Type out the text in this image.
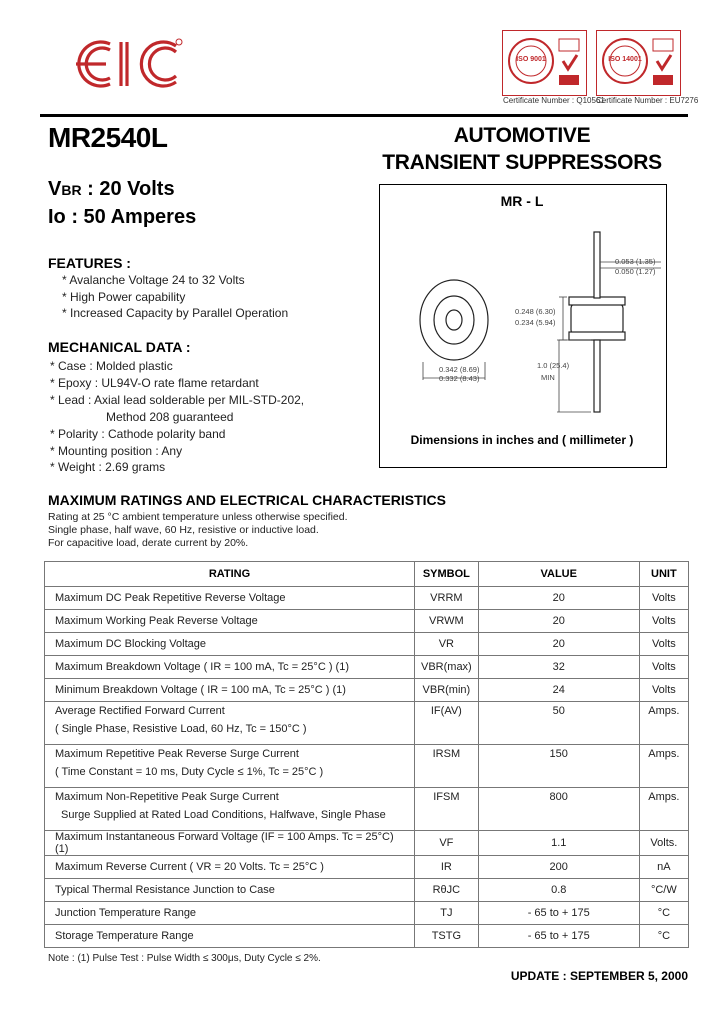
EIC
ISO 9001	ISO 14001
Certificate Number : Q10561
Certificate Number : EU7276
MR2540L	AUTOMOTIVE
TRANSIENT SUPPRESSORS
VBR : 20 Volts
Io : 50 Amperes
FEATURES :
* Avalanche Voltage 24 to 32 Volts
* High Power capability
* Increased Capacity by Parallel Operation
MECHANICAL DATA :
* Case : Molded plastic
* Epoxy : UL94V-O rate flame retardant
* Lead : Axial lead solderable per MIL-STD-202,
Method 208 guaranteed
* Polarity : Cathode polarity band
* Mounting position : Any
* Weight : 2.69 grams
MR - L
0.053 (1.35)
0.050 (1.27)
0.248 (6.30)
0.234 (5.94)
0.342 (8.69)
0.332 (8.43)
1.0 (25.4)
MIN
Dimensions in inches and ( millimeter )
MAXIMUM RATINGS AND ELECTRICAL CHARACTERISTICS
Rating at 25 °C ambient temperature unless otherwise specified.
Single phase, half wave, 60 Hz, resistive or inductive load.
For capacitive load, derate current by 20%.
RATING	SYMBOL	VALUE	UNIT
Maximum DC Peak Repetitive Reverse Voltage	VRRM	20	Volts
Maximum Working Peak Reverse Voltage	VRWM	20	Volts
Maximum DC Blocking Voltage	VR	20	Volts
Maximum Breakdown Voltage ( IR = 100 mA, Tc = 25°C ) (1)	VBR(max)	32	Volts
Minimum Breakdown Voltage ( IR = 100 mA, Tc = 25°C ) (1)	VBR(min)	24	Volts
Average Rectified Forward Current
( Single Phase, Resistive Load, 60 Hz, Tc = 150°C )	IF(AV)	50	Amps.
Maximum Repetitive Peak Reverse Surge Current
( Time Constant = 10 ms, Duty Cycle ≤ 1%, Tc = 25°C )	IRSM	150	Amps.
Maximum Non-Repetitive Peak Surge Current
Surge Supplied at Rated Load Conditions, Halfwave, Single Phase	IFSM	800	Amps.
Maximum Instantaneous Forward Voltage (IF = 100 Amps. Tc = 25°C) (1)	VF	1.1	Volts.
Maximum Reverse Current ( VR = 20 Volts. Tc = 25°C )	IR	200	nA
Typical Thermal Resistance Junction to Case	RθJC	0.8	°C/W
Junction Temperature Range	TJ	- 65 to + 175	°C
Storage Temperature Range	TSTG	- 65 to + 175	°C
Note : (1) Pulse Test : Pulse Width ≤ 300μs, Duty Cycle ≤ 2%.
UPDATE : SEPTEMBER 5, 2000
